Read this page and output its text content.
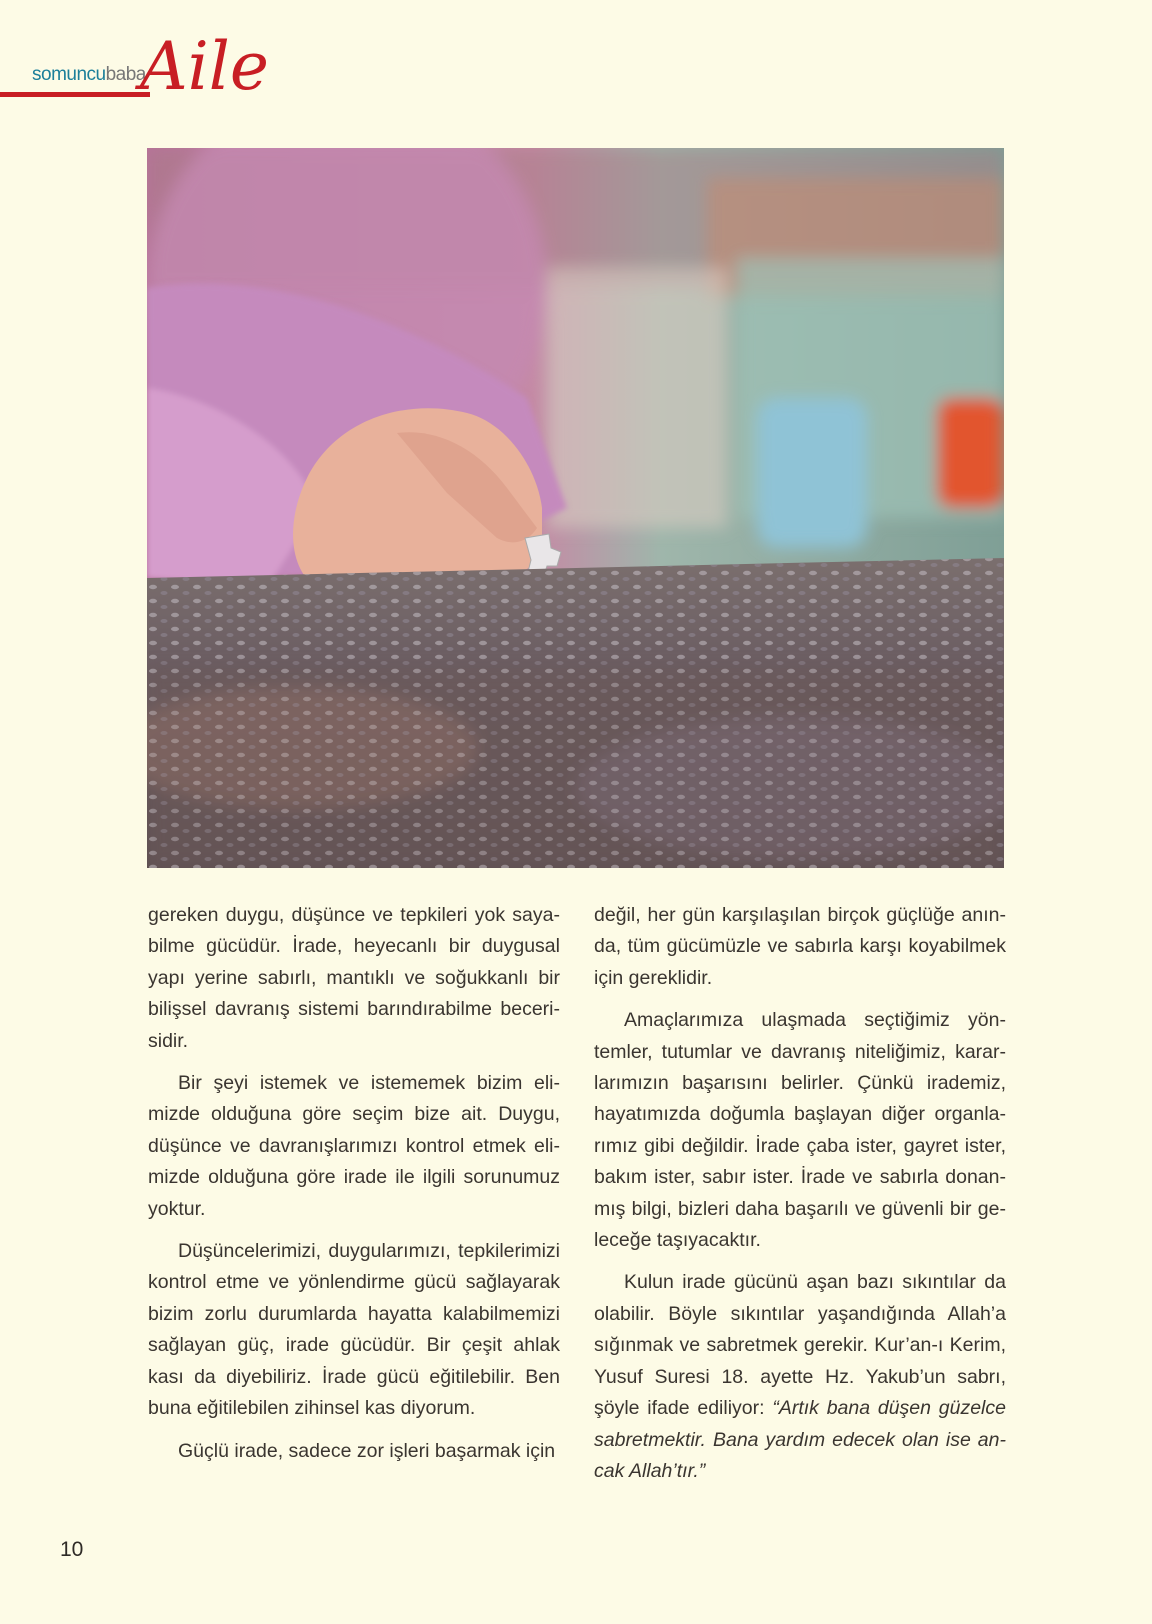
somuncubaba
Aile

gereken duygu, düşünce ve tepkileri yok sayabilme gücüdür. İrade, heyecanlı bir duygusal yapı yerine sabırlı, mantıklı ve soğukkanlı bir bilişsel davranış sistemi barındırabilme becerisidir.

Bir şeyi istemek ve istememek bizim elimizde olduğuna göre seçim bize ait. Duygu, düşünce ve davranışlarımızı kontrol etmek elimizde olduğuna göre irade ile ilgili sorunumuz yoktur.

Düşüncelerimizi, duygularımızı, tepkilerimizi kontrol etme ve yönlendirme gücü sağlayarak bizim zorlu durumlarda hayatta kalabilmemizi sağlayan güç, irade gücüdür. Bir çeşit ahlak kası da diyebiliriz. İrade gücü eğitilebilir. Ben buna eğitilebilen zihinsel kas diyorum.

Güçlü irade, sadece zor işleri başarmak için

değil, her gün karşılaşılan birçok güçlüğe anında, tüm gücümüzle ve sabırla karşı koyabilmek için gereklidir.

Amaçlarımıza ulaşmada seçtiğimiz yöntemler, tutumlar ve davranış niteliğimiz, kararlarımızın başarısını belirler. Çünkü irademiz, hayatımızda doğumla başlayan diğer organlarımız gibi değildir. İrade çaba ister, gayret ister, bakım ister, sabır ister. İrade ve sabırla donanmış bilgi, bizleri daha başarılı ve güvenli bir geleceğe taşıyacaktır.

Kulun irade gücünü aşan bazı sıkıntılar da olabilir. Böyle sıkıntılar yaşandığında Allah’a sığınmak ve sabretmek gerekir. Kur’an-ı Kerim, Yusuf Suresi 18. ayette Hz. Yakub’un sabrı, şöyle ifade ediliyor: “Artık bana düşen güzelce sabretmektir. Bana yardım edecek olan ise ancak Allah’tır.”

10
